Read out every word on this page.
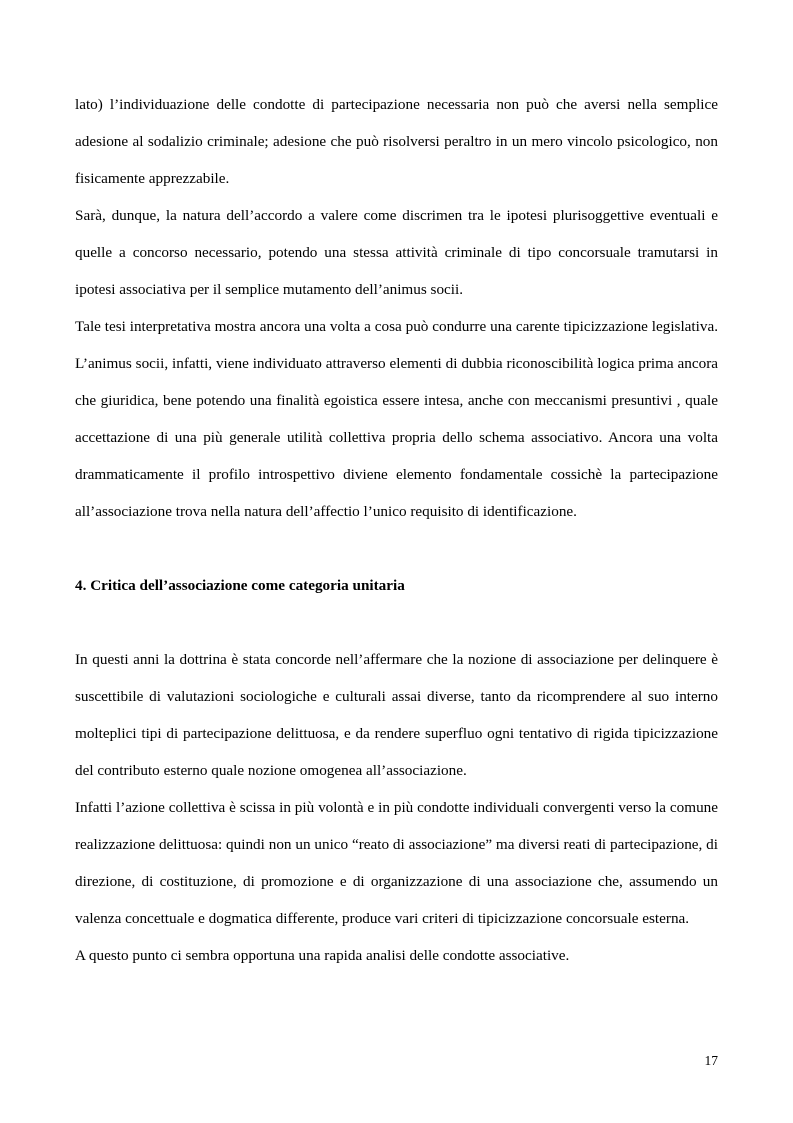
lato) l’individuazione delle condotte di partecipazione necessaria non può che aversi nella semplice adesione al sodalizio criminale; adesione che può risolversi peraltro in un mero vincolo psicologico, non fisicamente apprezzabile.

Sarà, dunque, la natura dell’accordo a valere come discrimen tra le ipotesi plurisoggettive eventuali e quelle a concorso necessario, potendo una stessa attività criminale di tipo concorsuale tramutarsi in ipotesi associativa per il semplice mutamento dell’animus socii.

Tale tesi interpretativa mostra ancora una volta a cosa può condurre una carente tipicizzazione legislativa. L’animus socii, infatti, viene individuato attraverso elementi di dubbia riconoscibilità logica prima ancora che giuridica, bene potendo una finalità egoistica essere intesa, anche con meccanismi presuntivi , quale accettazione di una più generale utilità collettiva propria dello schema associativo. Ancora una volta drammaticamente il profilo introspettivo diviene elemento fondamentale cossichè la partecipazione all’associazione trova nella natura dell’affectio l’unico requisito di identificazione.

4. Critica dell’associazione come categoria unitaria

In questi anni la dottrina è stata concorde nell’affermare che la nozione di associazione per delinquere è suscettibile di valutazioni sociologiche e culturali assai diverse, tanto da ricomprendere al suo interno molteplici tipi di partecipazione delittuosa, e da rendere superfluo ogni tentativo di rigida tipicizzazione del contributo esterno quale nozione omogenea all’associazione.

Infatti l’azione collettiva è scissa in più volontà e in più condotte individuali convergenti verso la comune realizzazione delittuosa: quindi non un unico “reato di associazione” ma diversi reati di partecipazione, di direzione, di costituzione, di promozione e di organizzazione di una associazione che, assumendo un valenza concettuale e dogmatica differente, produce vari criteri di tipicizzazione concorsuale esterna.

A questo punto ci sembra opportuna una rapida analisi delle condotte associative.

17
